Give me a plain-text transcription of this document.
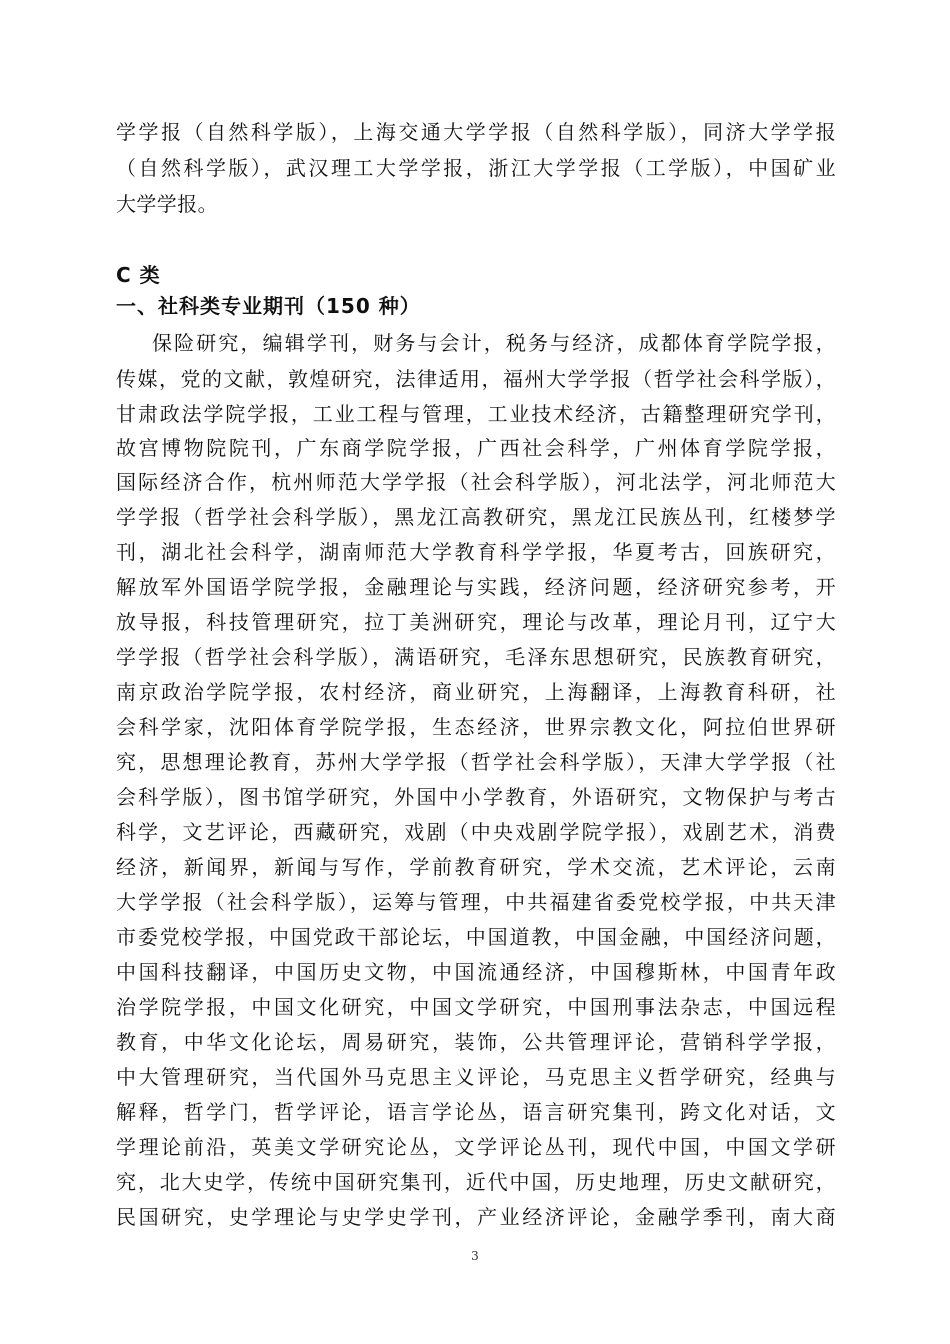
学学报（自然科学版），上海交通大学学报（自然科学版），同济大学学报
（自然科学版），武汉理工大学学报，浙江大学学报（工学版），中国矿业
大学学报。
C 类
一、社科类专业期刊（150 种）
保险研究，编辑学刊，财务与会计，税务与经济，成都体育学院学报，
传媒，党的文献，敦煌研究，法律适用，福州大学学报（哲学社会科学版），
甘肃政法学院学报，工业工程与管理，工业技术经济，古籍整理研究学刊，
故宫博物院院刊，广东商学院学报，广西社会科学，广州体育学院学报，
国际经济合作，杭州师范大学学报（社会科学版），河北法学，河北师范大
学学报（哲学社会科学版），黑龙江高教研究，黑龙江民族丛刊，红楼梦学
刊，湖北社会科学，湖南师范大学教育科学学报，华夏考古，回族研究，
解放军外国语学院学报，金融理论与实践，经济问题，经济研究参考，开
放导报，科技管理研究，拉丁美洲研究，理论与改革，理论月刊，辽宁大
学学报（哲学社会科学版），满语研究，毛泽东思想研究，民族教育研究，
南京政治学院学报，农村经济，商业研究，上海翻译，上海教育科研，社
会科学家，沈阳体育学院学报，生态经济，世界宗教文化，阿拉伯世界研
究，思想理论教育，苏州大学学报（哲学社会科学版），天津大学学报（社
会科学版），图书馆学研究，外国中小学教育，外语研究，文物保护与考古
科学，文艺评论，西藏研究，戏剧（中央戏剧学院学报），戏剧艺术，消费
经济，新闻界，新闻与写作，学前教育研究，学术交流，艺术评论，云南
大学学报（社会科学版），运筹与管理，中共福建省委党校学报，中共天津
市委党校学报，中国党政干部论坛，中国道教，中国金融，中国经济问题，
中国科技翻译，中国历史文物，中国流通经济，中国穆斯林，中国青年政
治学院学报，中国文化研究，中国文学研究，中国刑事法杂志，中国远程
教育，中华文化论坛，周易研究，装饰，公共管理评论，营销科学学报，
中大管理研究，当代国外马克思主义评论，马克思主义哲学研究，经典与
解释，哲学门，哲学评论，语言学论丛，语言研究集刊，跨文化对话，文
学理论前沿，英美文学研究论丛，文学评论丛刊，现代中国，中国文学研
究，北大史学，传统中国研究集刊，近代中国，历史地理，历史文献研究，
民国研究，史学理论与史学史学刊，产业经济评论，金融学季刊，南大商
3
